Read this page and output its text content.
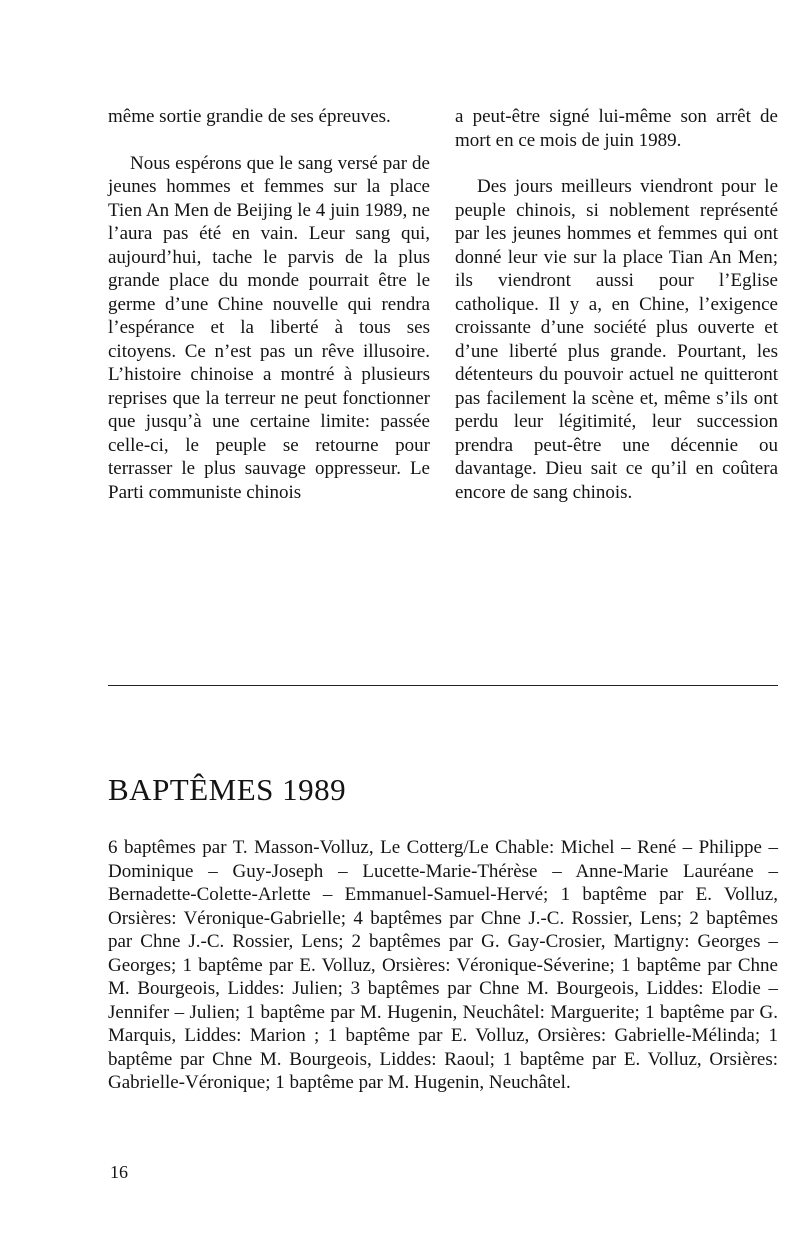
même sortie grandie de ses épreuves.

Nous espérons que le sang versé par de jeunes hommes et femmes sur la place Tien An Men de Beijing le 4 juin 1989, ne l’aura pas été en vain. Leur sang qui, aujourd’hui, tache le parvis de la plus grande place du monde pourrait être le germe d’une Chine nouvelle qui rendra l’espérance et la liberté à tous ses citoyens. Ce n’est pas un rêve illusoire. L’histoire chinoise a montré à plusieurs reprises que la terreur ne peut fonctionner que jusqu’à une certaine limite: passée celle-ci, le peuple se retourne pour terrasser le plus sauvage oppresseur. Le Parti communiste chinois

a peut-être signé lui-même son arrêt de mort en ce mois de juin 1989.

Des jours meilleurs viendront pour le peuple chinois, si noblement représenté par les jeunes hommes et femmes qui ont donné leur vie sur la place Tian An Men; ils viendront aussi pour l’Eglise catholique. Il y a, en Chine, l’exigence croissante d’une société plus ouverte et d’une liberté plus grande. Pourtant, les détenteurs du pouvoir actuel ne quitteront pas facilement la scène et, même s’ils ont perdu leur légitimité, leur succession prendra peut-être une décennie ou davantage. Dieu sait ce qu’il en coûtera encore de sang chinois.

BAPTÊMES 1989

6 baptêmes par T. Masson-Volluz, Le Cotterg/Le Chable: Michel – René – Philippe – Dominique – Guy-Joseph – Lucette-Marie-Thérèse – Anne-Marie Lauréane – Bernadette-Colette-Arlette – Emmanuel-Samuel-Hervé; 1 baptême par E. Volluz, Orsières: Véronique-Gabrielle; 4 baptêmes par Chne J.-C. Rossier, Lens; 2 baptêmes par Chne J.-C. Rossier, Lens; 2 baptêmes par G. Gay-Crosier, Martigny: Georges – Georges; 1 baptême par E. Volluz, Orsières: Véronique-Séverine; 1 baptême par Chne M. Bourgeois, Liddes: Julien; 3 baptêmes par Chne M. Bourgeois, Liddes: Elodie – Jennifer – Julien; 1 baptême par M. Hugenin, Neuchâtel: Marguerite; 1 baptême par G. Marquis, Liddes: Marion ; 1 baptême par E. Volluz, Orsières: Gabrielle-Mélinda; 1 baptême par Chne M. Bourgeois, Liddes: Raoul; 1 baptême par E. Volluz, Orsières: Gabrielle-Véronique; 1 baptême par M. Hugenin, Neuchâtel.

16
